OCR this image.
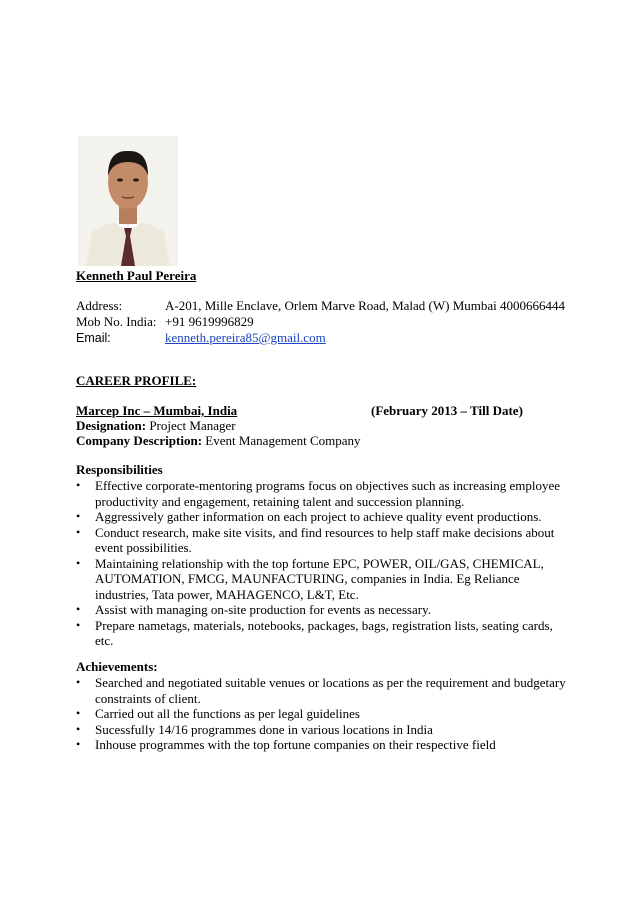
Kenneth Paul Pereira
Address:	A-201, Mille Enclave, Orlem Marve Road, Malad (W) Mumbai 4000666444
Mob No. India: +91 9619996829
Email:	kenneth.pereira85@gmail.com
CAREER PROFILE:
Marcep Inc – Mumbai, India	(February 2013 – Till Date)
Designation: Project Manager
Company Description: Event Management Company
Responsibilities
• Effective corporate-mentoring programs focus on objectives such as increasing employee productivity and engagement, retaining talent and succession planning.
• Aggressively gather information on each project to achieve quality event productions.
• Conduct research, make site visits, and find resources to help staff make decisions about event possibilities.
• Maintaining relationship with the top fortune EPC, POWER, OIL/GAS, CHEMICAL, AUTOMATION, FMCG, MAUNFACTURING, companies in India. Eg Reliance industries, Tata power, MAHAGENCO, L&T, Etc.
• Assist with managing on-site production for events as necessary.
• Prepare nametags, materials, notebooks, packages, bags, registration lists, seating cards, etc.
Achievements:
• Searched and negotiated suitable venues or locations as per the requirement and budgetary constraints of client.
• Carried out all the functions as per legal guidelines
• Sucessfully 14/16 programmes done in various locations in India
• Inhouse programmes with the top fortune companies on their respective field
